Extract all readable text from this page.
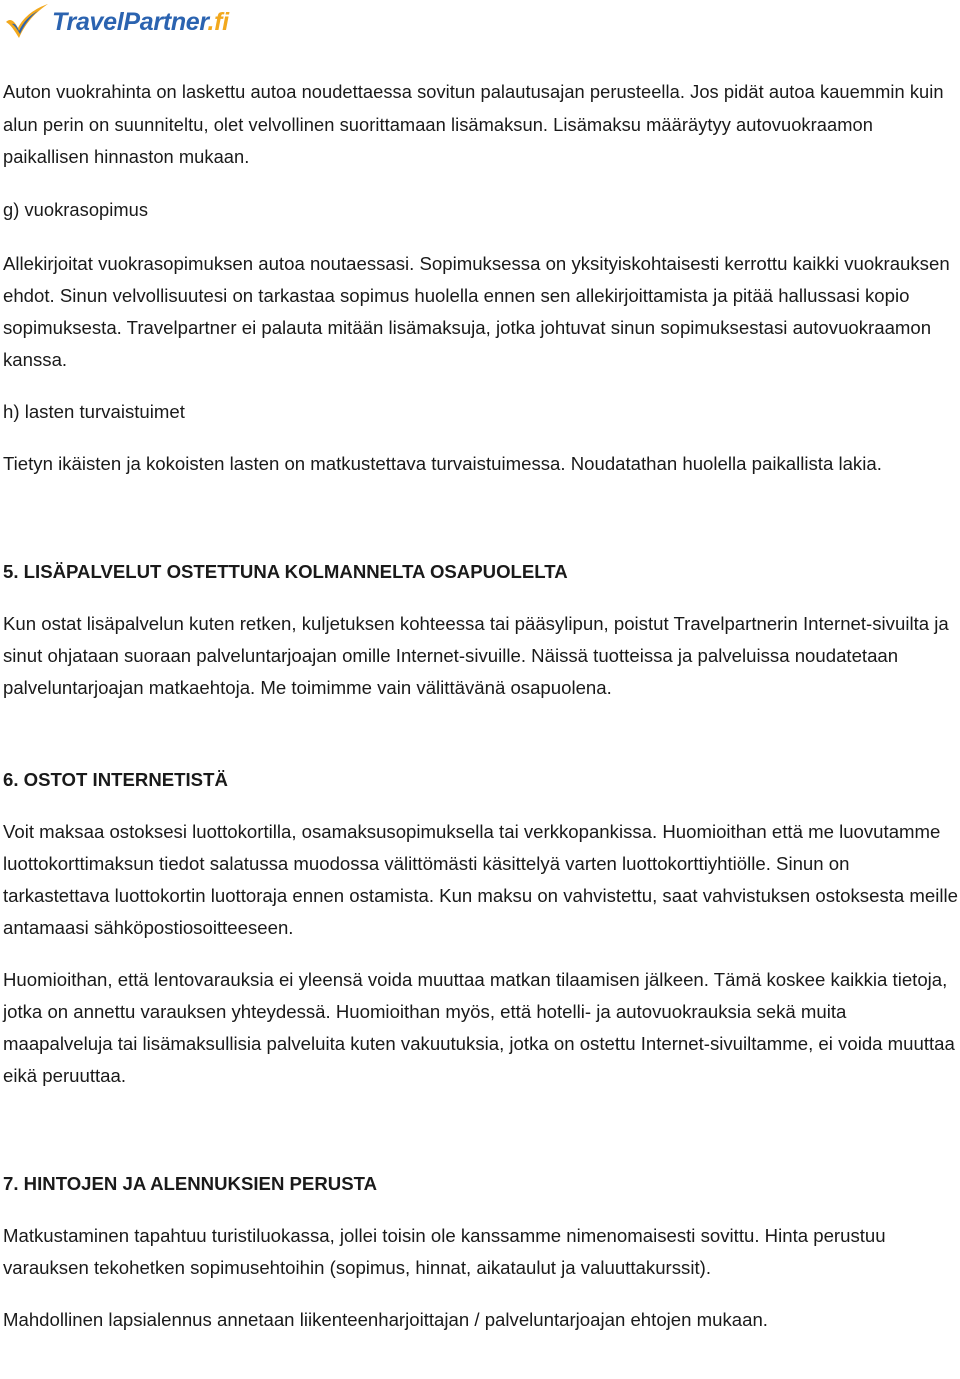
TravelPartner.fi

Auton vuokrahinta on laskettu autoa noudettaessa sovitun palautusajan perusteella. Jos pidät autoa kauemmin kuin alun perin on suunniteltu, olet velvollinen suorittamaan lisämaksun. Lisämaksu määräytyy autovuokraamon paikallisen hinnaston mukaan.

g) vuokrasopimus

Allekirjoitat vuokrasopimuksen autoa noutaessasi. Sopimuksessa on yksityiskohtaisesti kerrottu kaikki vuokrauksen ehdot. Sinun velvollisuutesi on tarkastaa sopimus huolella ennen sen allekirjoittamista ja pitää hallussasi kopio sopimuksesta. Travelpartner ei palauta mitään lisämaksuja, jotka johtuvat sinun sopimuksestasi autovuokraamon kanssa.

h) lasten turvaistuimet

Tietyn ikäisten ja kokoisten lasten on matkustettava turvaistuimessa. Noudatathan huolella paikallista lakia.

5. LISÄPALVELUT OSTETTUNA KOLMANNELTA OSAPUOLELTA

Kun ostat lisäpalvelun kuten retken, kuljetuksen kohteessa tai pääsylipun, poistut Travelpartnerin Internet-sivuilta ja sinut ohjataan suoraan palveluntarjoajan omille Internet-sivuille. Näissä tuotteissa ja palveluissa noudatetaan palveluntarjoajan matkaehtoja. Me toimimme vain välittävänä osapuolena.

6. OSTOT INTERNETISTÄ

Voit maksaa ostoksesi luottokortilla, osamaksusopimuksella tai verkkopankissa. Huomioithan että me luovutamme luottokorttimaksun tiedot salatussa muodossa välittömästi käsittelyä varten luottokorttiyhtiölle. Sinun on tarkastettava luottokortin luottoraja ennen ostamista. Kun maksu on vahvistettu, saat vahvistuksen ostoksesta meille antamaasi sähköpostiosoitteeseen.

Huomioithan, että lentovarauksia ei yleensä voida muuttaa matkan tilaamisen jälkeen. Tämä koskee kaikkia tietoja, jotka on annettu varauksen yhteydessä. Huomioithan myös, että hotelli- ja autovuokrauksia sekä muita maapalveluja tai lisämaksullisia palveluita kuten vakuutuksia, jotka on ostettu Internet-sivuiltamme, ei voida muuttaa eikä peruuttaa.

7. HINTOJEN JA ALENNUKSIEN PERUSTA

Matkustaminen tapahtuu turistiluokassa, jollei toisin ole kanssamme nimenomaisesti sovittu. Hinta perustuu varauksen tekohetken sopimusehtoihin (sopimus, hinnat, aikataulut ja valuuttakurssit).

Mahdollinen lapsialennus annetaan liikenteenharjoittajan / palveluntarjoajan ehtojen mukaan.
